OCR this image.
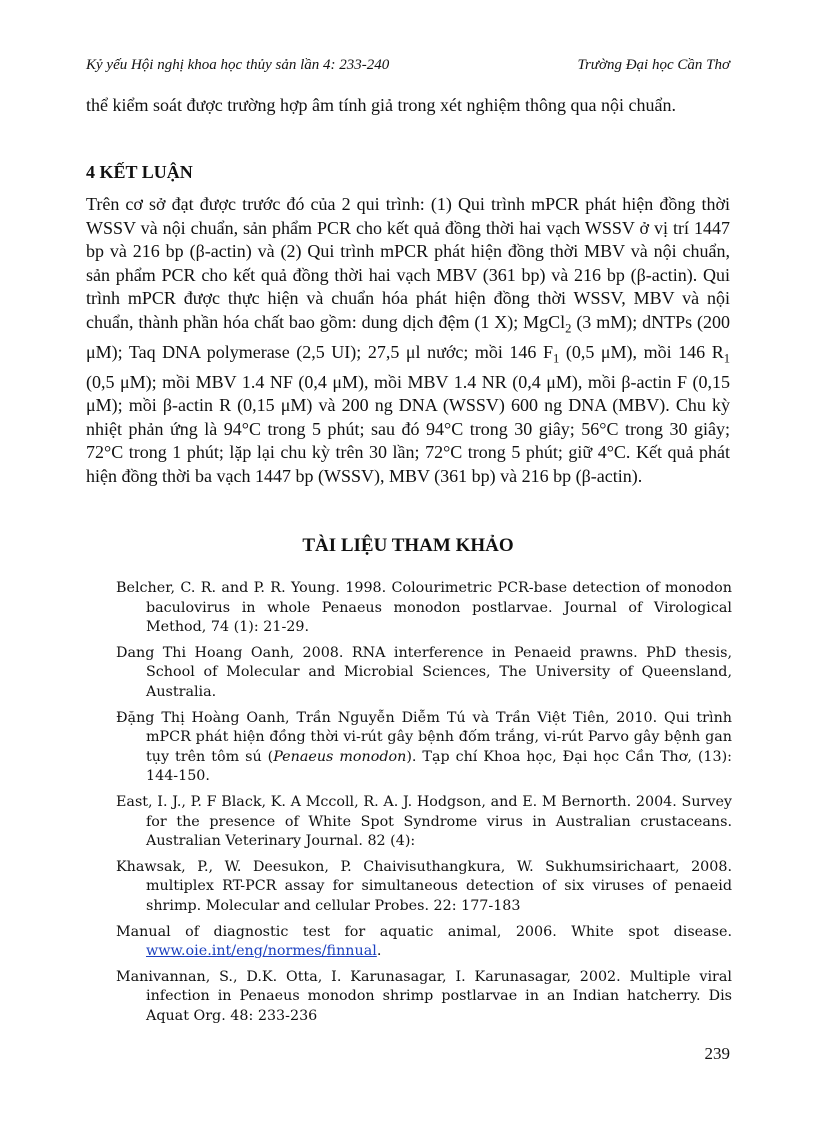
Kỷ yếu Hội nghị khoa học thủy sản lần 4: 233-240	Trường Đại học Cần Thơ

thể kiểm soát được trường hợp âm tính giả trong xét nghiệm thông qua nội chuẩn.

4 KẾT LUẬN

Trên cơ sở đạt được trước đó của 2 qui trình: (1) Qui trình mPCR phát hiện đồng thời WSSV và nội chuẩn, sản phẩm PCR cho kết quả đồng thời hai vạch WSSV ở vị trí 1447 bp và 216 bp (β-actin) và (2) Qui trình mPCR phát hiện đồng thời MBV và nội chuẩn, sản phẩm PCR cho kết quả đồng thời hai vạch MBV (361 bp) và 216 bp (β-actin). Qui trình mPCR được thực hiện và chuẩn hóa phát hiện đồng thời WSSV, MBV và nội chuẩn, thành phần hóa chất bao gồm: dung dịch đệm (1 X); MgCl$_2$ (3 mM); dNTPs (200 μM); Taq DNA polymerase (2,5 UI); 27,5 μl nước; mồi 146 $F_1$ (0,5 μM), mồi 146 $R_1$ (0,5 μM); mồi MBV 1.4 NF (0,4 μM), mồi MBV 1.4 NR (0,4 μM), mồi β-actin F (0,15 μM); mồi β-actin R (0,15 μM) và 200 ng DNA (WSSV) 600 ng DNA (MBV). Chu kỳ nhiệt phản ứng là 94°C trong 5 phút; sau đó 94°C trong 30 giây; 56°C trong 30 giây; 72°C trong 1 phút; lặp lại chu kỳ trên 30 lần; 72°C trong 5 phút; giữ 4°C. Kết quả phát hiện đồng thời ba vạch 1447 bp (WSSV), MBV (361 bp) và 216 bp (β-actin).

TÀI LIỆU THAM KHẢO
Belcher, C. R. and P. R. Young. 1998. Colourimetric PCR-base detection of monodon baculovirus in whole Penaeus monodon postlarvae. Journal of Virological Method, 74 (1): 21-29.
Dang Thi Hoang Oanh, 2008. RNA interference in Penaeid prawns. PhD thesis, School of Molecular and Microbial Sciences, The University of Queensland, Australia.
Đặng Thị Hoàng Oanh, Trần Nguyễn Diễm Tú và Trần Việt Tiên, 2010. Qui trình mPCR phát hiện đồng thời vi-rút gây bệnh đốm trắng, vi-rút Parvo gây bệnh gan tụy trên tôm sú (Penaeus monodon). Tạp chí Khoa học, Đại học Cần Thơ, (13): 144-150.
East, I. J., P. F Black, K. A Mccoll, R. A. J. Hodgson, and E. M Bernorth. 2004. Survey for the presence of White Spot Syndrome virus in Australian crustaceans. Australian Veterinary Journal. 82 (4):
Khawsak, P., W. Deesukon, P. Chaivisuthangkura, W. Sukhumsirichaart, 2008. multiplex RT-PCR assay for simultaneous detection of six viruses of penaeid shrimp. Molecular and cellular Probes. 22: 177-183
Manual of diagnostic test for aquatic animal, 2006. White spot disease. www.oie.int/eng/normes/finnual.
Manivannan, S., D.K. Otta, I. Karunasagar, I. Karunasagar, 2002. Multiple viral infection in Penaeus monodon shrimp postlarvae in an Indian hatcherry. Dis Aquat Org. 48: 233-236
239
